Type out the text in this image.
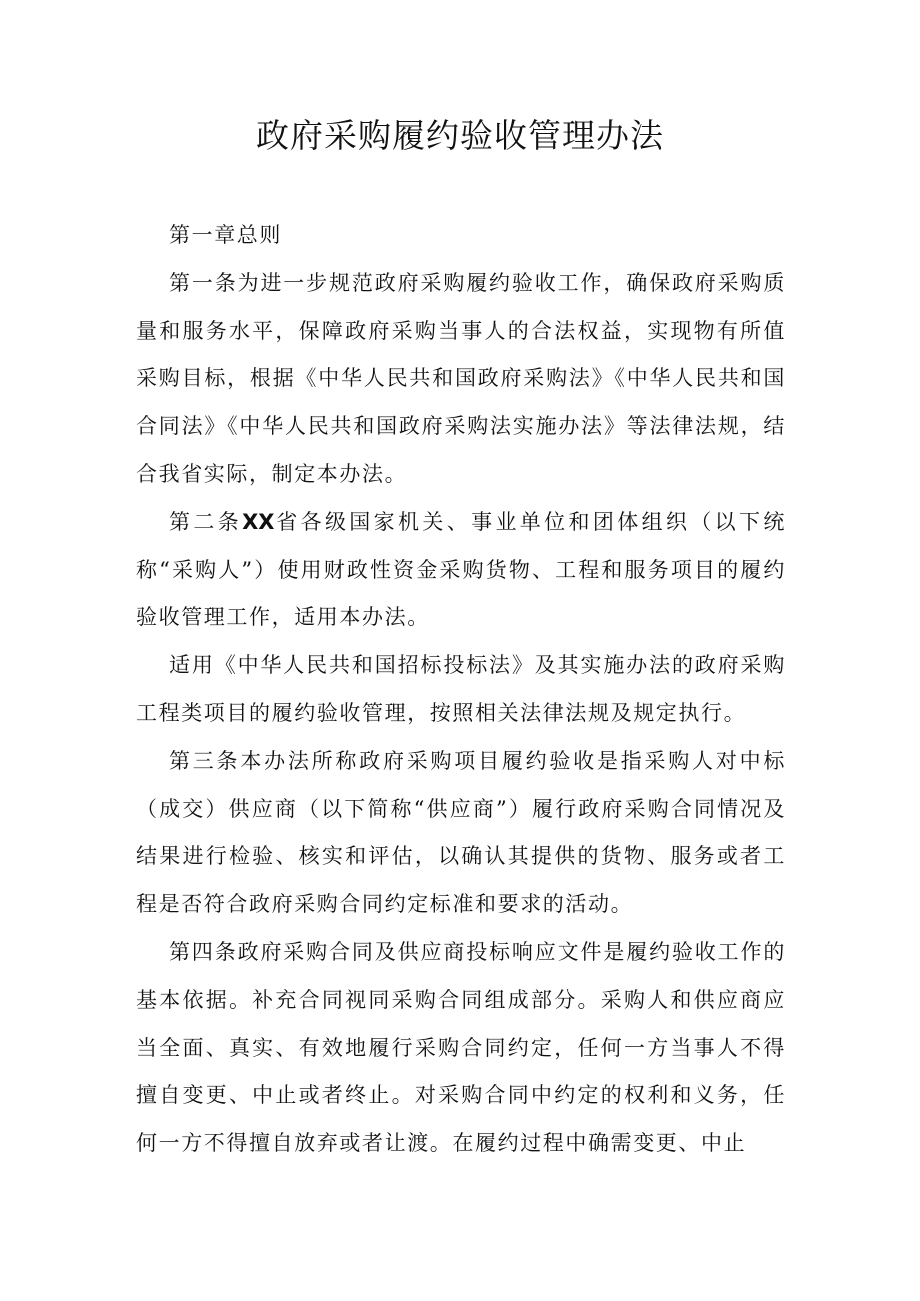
政府采购履约验收管理办法

第一章总则

第一条为进一步规范政府采购履约验收工作，确保政府采购质量和服务水平，保障政府采购当事人的合法权益，实现物有所值采购目标，根据《中华人民共和国政府采购法》《中华人民共和国合同法》《中华人民共和国政府采购法实施办法》等法律法规，结合我省实际，制定本办法。

第二条XX省各级国家机关、事业单位和团体组织（以下统称“采购人”）使用财政性资金采购货物、工程和服务项目的履约验收管理工作，适用本办法。

适用《中华人民共和国招标投标法》及其实施办法的政府采购工程类项目的履约验收管理，按照相关法律法规及规定执行。

第三条本办法所称政府采购项目履约验收是指采购人对中标（成交）供应商（以下简称“供应商”）履行政府采购合同情况及结果进行检验、核实和评估，以确认其提供的货物、服务或者工程是否符合政府采购合同约定标准和要求的活动。

第四条政府采购合同及供应商投标响应文件是履约验收工作的基本依据。补充合同视同采购合同组成部分。采购人和供应商应当全面、真实、有效地履行采购合同约定，任何一方当事人不得擅自变更、中止或者终止。对采购合同中约定的权利和义务，任何一方不得擅自放弃或者让渡。在履约过程中确需变更、中止
